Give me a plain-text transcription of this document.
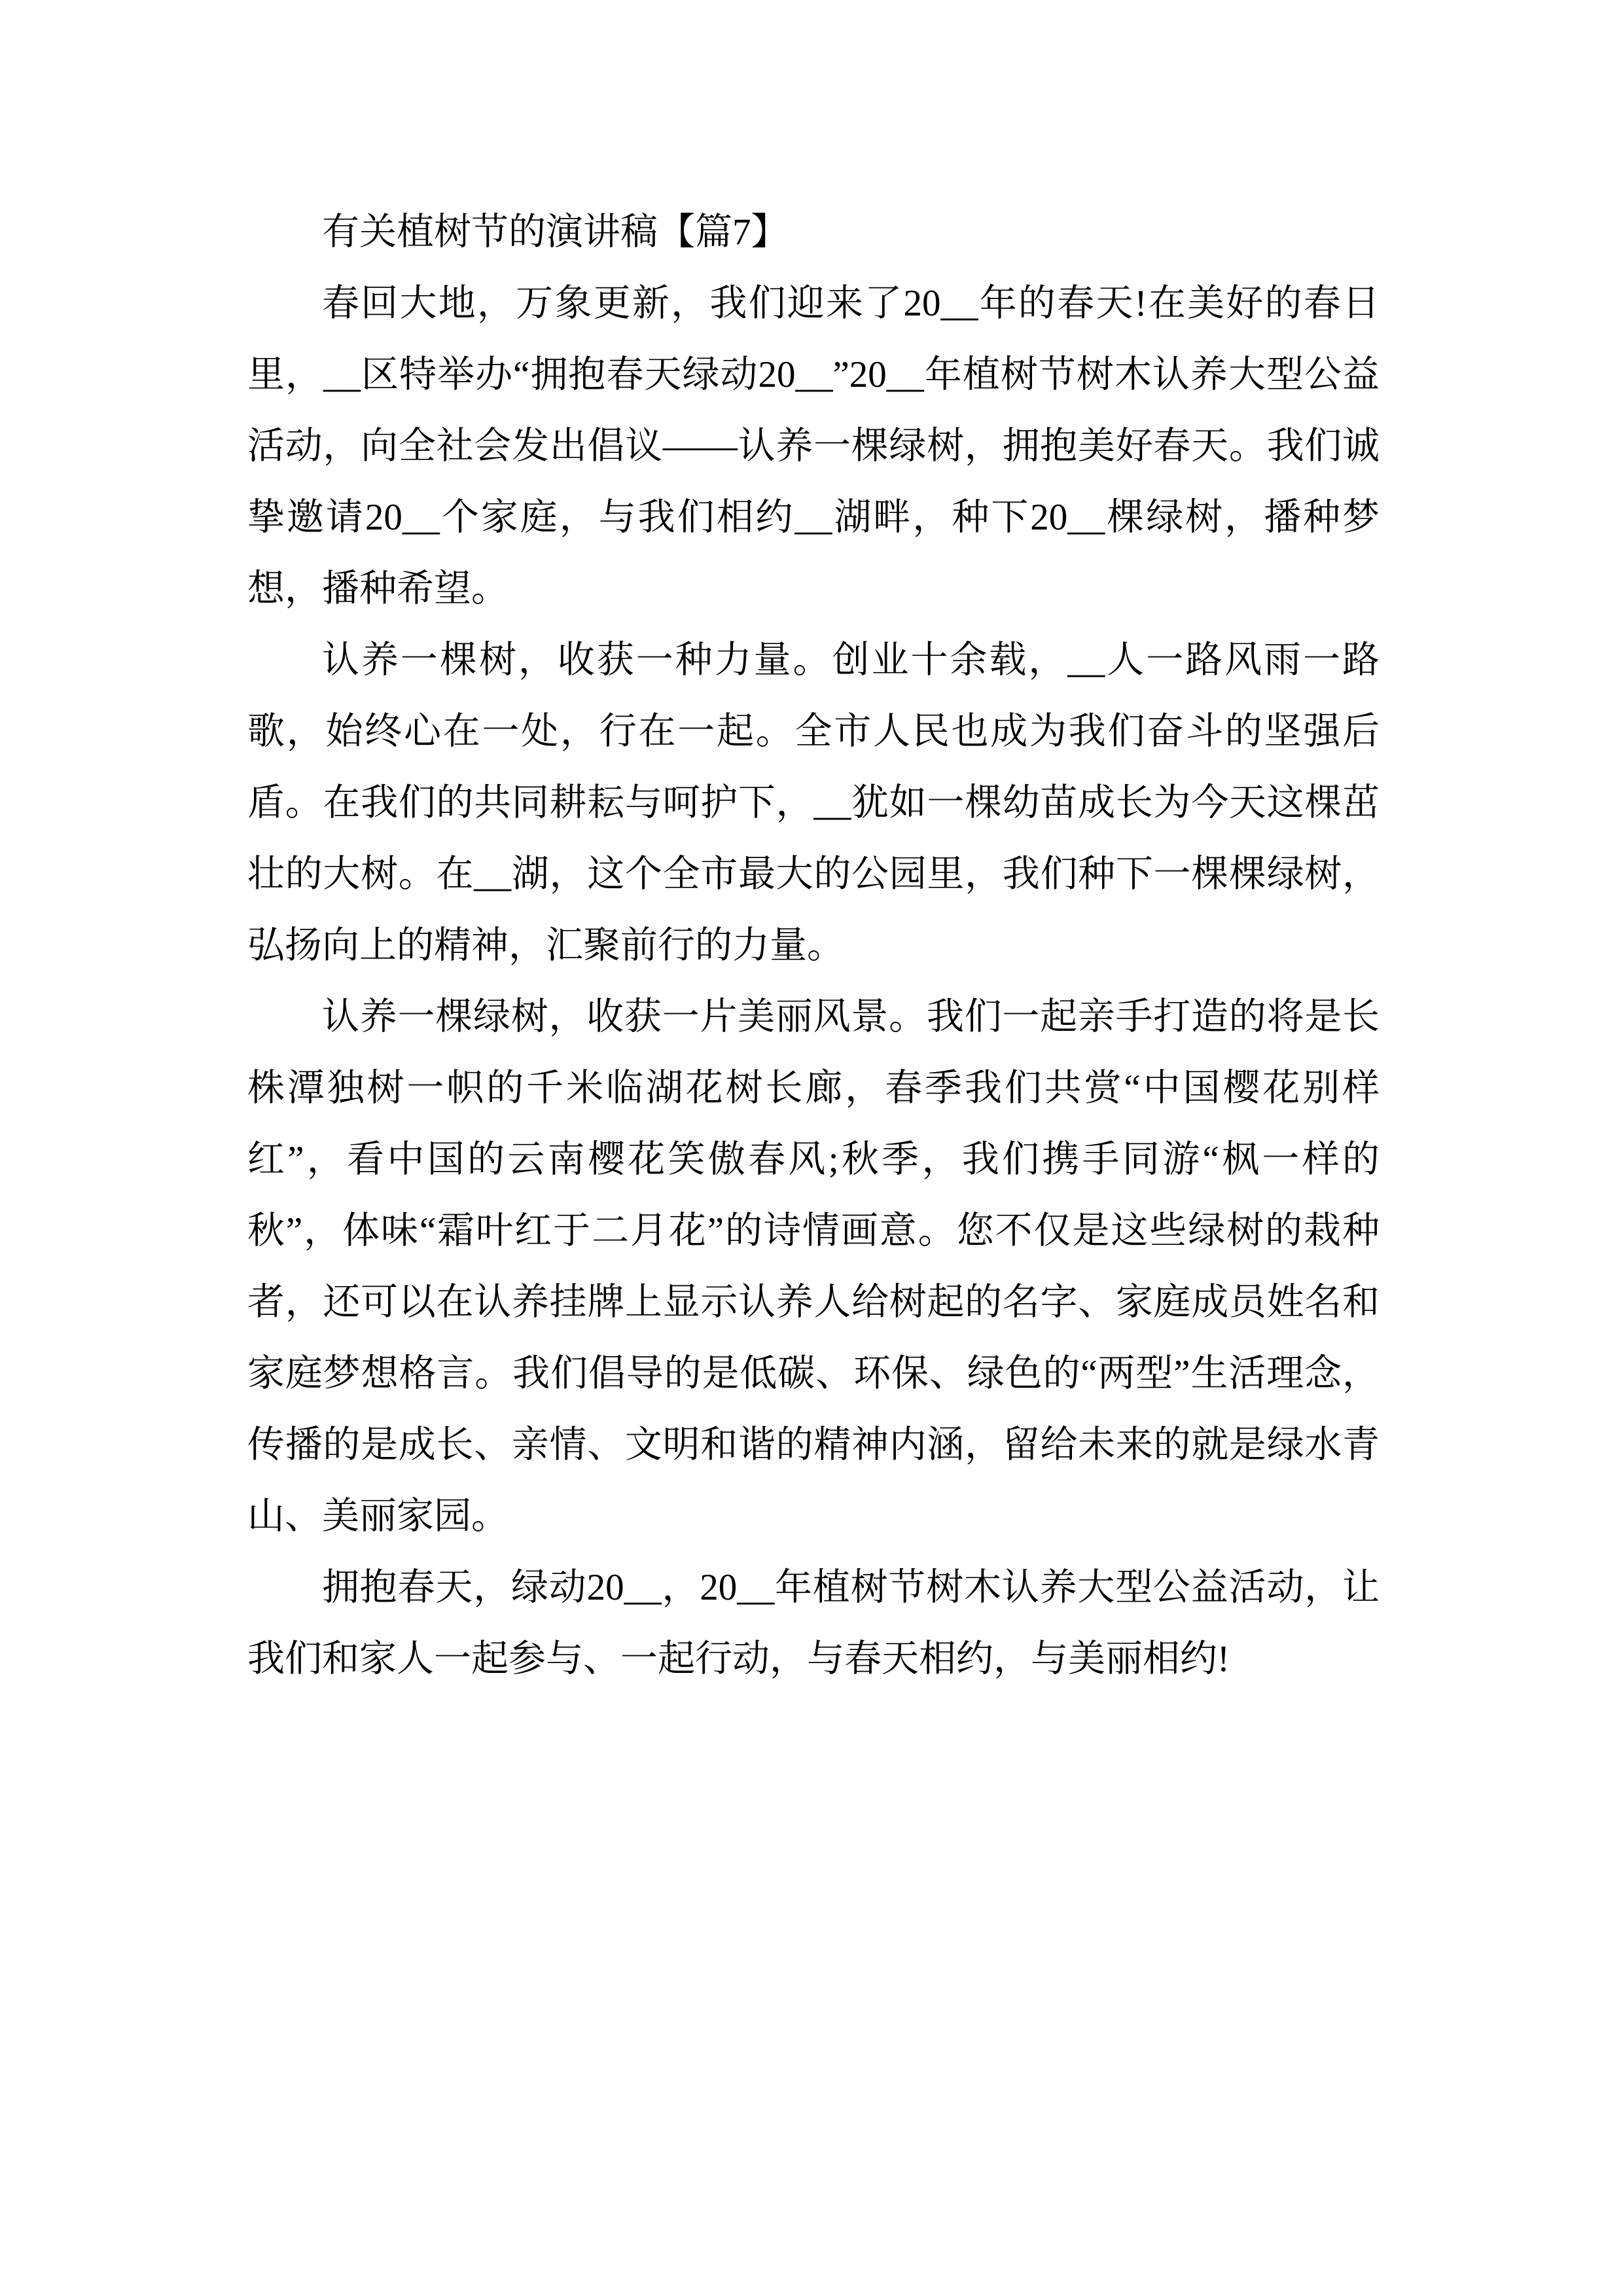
有关植树节的演讲稿【篇7】

春回大地，万象更新，我们迎来了20__年的春天!在美好的春日里，__区特举办“拥抱春天绿动20__”20__年植树节树木认养大型公益活动，向全社会发出倡议——认养一棵绿树，拥抱美好春天。我们诚挚邀请20__个家庭，与我们相约__湖畔，种下20__棵绿树，播种梦想，播种希望。

认养一棵树，收获一种力量。创业十余载，__人一路风雨一路歌，始终心在一处，行在一起。全市人民也成为我们奋斗的坚强后盾。在我们的共同耕耘与呵护下，__犹如一棵幼苗成长为今天这棵茁壮的大树。在__湖，这个全市最大的公园里，我们种下一棵棵绿树，弘扬向上的精神，汇聚前行的力量。

认养一棵绿树，收获一片美丽风景。我们一起亲手打造的将是长株潭独树一帜的千米临湖花树长廊，春季我们共赏“中国樱花别样红”，看中国的云南樱花笑傲春风;秋季，我们携手同游“枫一样的秋”，体味“霜叶红于二月花”的诗情画意。您不仅是这些绿树的栽种者，还可以在认养挂牌上显示认养人给树起的名字、家庭成员姓名和家庭梦想格言。我们倡导的是低碳、环保、绿色的“两型”生活理念，传播的是成长、亲情、文明和谐的精神内涵，留给未来的就是绿水青山、美丽家园。

拥抱春天，绿动20__，20__年植树节树木认养大型公益活动，让我们和家人一起参与、一起行动，与春天相约，与美丽相约!
